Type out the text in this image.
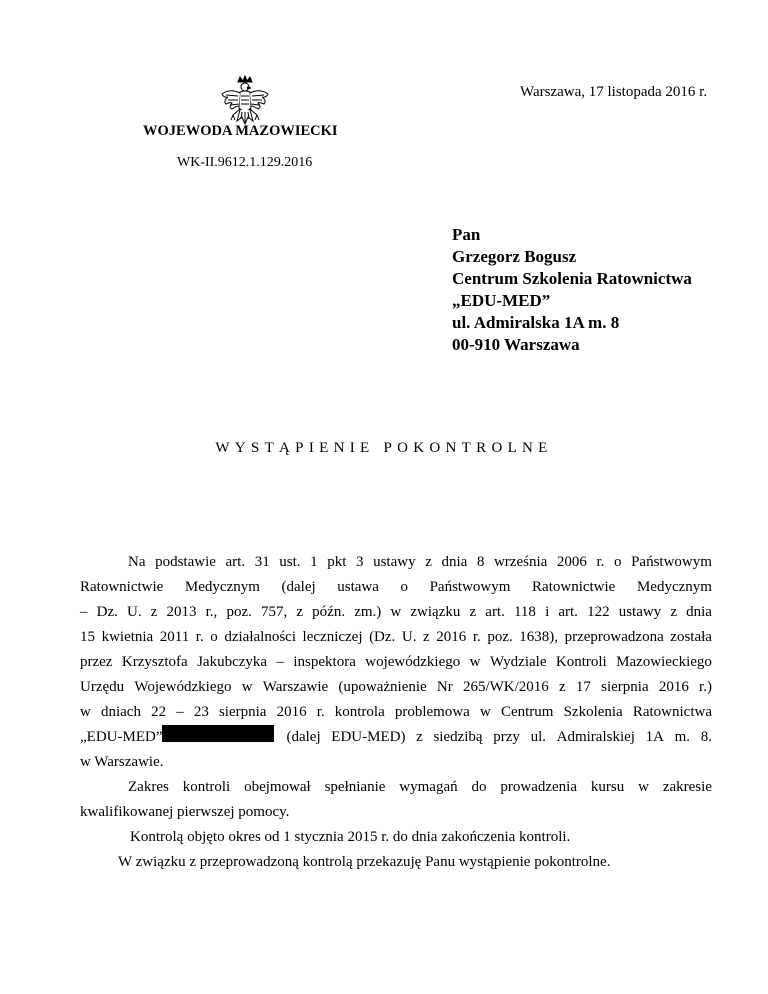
Warszawa, 17 listopada 2016 r.
WOJEWODA MAZOWIECKI
WK-II.9612.1.129.2016
Pan
Grzegorz Bogusz
Centrum Szkolenia Ratownictwa
„EDU-MED”
ul. Admiralska 1A m. 8
00-910 Warszawa
WYSTĄPIENIE POKONTROLNE
Na podstawie art. 31 ust. 1 pkt 3 ustawy z dnia 8 września 2006 r. o Państwowym
Ratownictwie Medycznym (dalej ustawa o Państwowym Ratownictwie Medycznym
– Dz. U. z 2013 r., poz. 757, z późn. zm.) w związku z art. 118 i art. 122 ustawy z dnia
15 kwietnia 2011 r. o działalności leczniczej (Dz. U. z 2016 r. poz. 1638), przeprowadzona została
przez Krzysztofa Jakubczyka – inspektora wojewódzkiego w Wydziale Kontroli Mazowieckiego
Urzędu Wojewódzkiego w Warszawie (upoważnienie Nr 265/WK/2016 z 17 sierpnia 2016 r.)
w dniach 22 – 23 sierpnia 2016 r. kontrola problemowa w Centrum Szkolenia Ratownictwa
„EDU-MED”	(dalej EDU-MED) z siedzibą przy ul. Admiralskiej 1A m. 8.
w Warszawie.
Zakres kontroli obejmował spełnianie wymagań do prowadzenia kursu w zakresie
kwalifikowanej pierwszej pomocy.
Kontrolą objęto okres od 1 stycznia 2015 r. do dnia zakończenia kontroli.
W związku z przeprowadzoną kontrolą przekazuję Panu wystąpienie pokontrolne.
